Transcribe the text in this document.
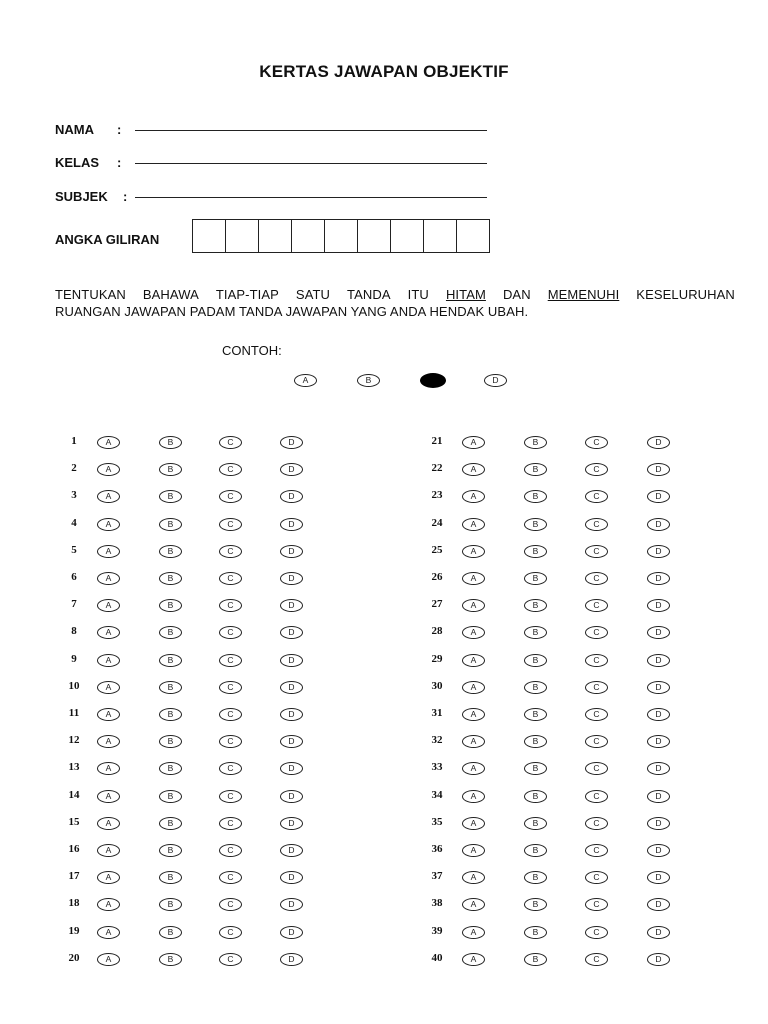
KERTAS JAWAPAN OBJEKTIF
NAMA :
KELAS :
SUBJEK :
ANGKA GILIRAN
TENTUKAN BAHAWA TIAP-TIAP SATU TANDA ITU HITAM DAN MEMENUHI KESELURUHAN
RUANGAN JAWAPAN PADAM TANDA JAWAPAN YANG ANDA HENDAK UBAH.
CONTOH:
A	B	D
1	A	B	C	D
2	A	B	C	D
3	A	B	C	D
4	A	B	C	D
5	A	B	C	D
6	A	B	C	D
7	A	B	C	D
8	A	B	C	D
9	A	B	C	D
10	A	B	C	D
11	A	B	C	D
12	A	B	C	D
13	A	B	C	D
14	A	B	C	D
15	A	B	C	D
16	A	B	C	D
17	A	B	C	D
18	A	B	C	D
19	A	B	C	D
20	A	B	C	D
21	A	B	C	D
22	A	B	C	D
23	A	B	C	D
24	A	B	C	D
25	A	B	C	D
26	A	B	C	D
27	A	B	C	D
28	A	B	C	D
29	A	B	C	D
30	A	B	C	D
31	A	B	C	D
32	A	B	C	D
33	A	B	C	D
34	A	B	C	D
35	A	B	C	D
36	A	B	C	D
37	A	B	C	D
38	A	B	C	D
39	A	B	C	D
40	A	B	C	D
